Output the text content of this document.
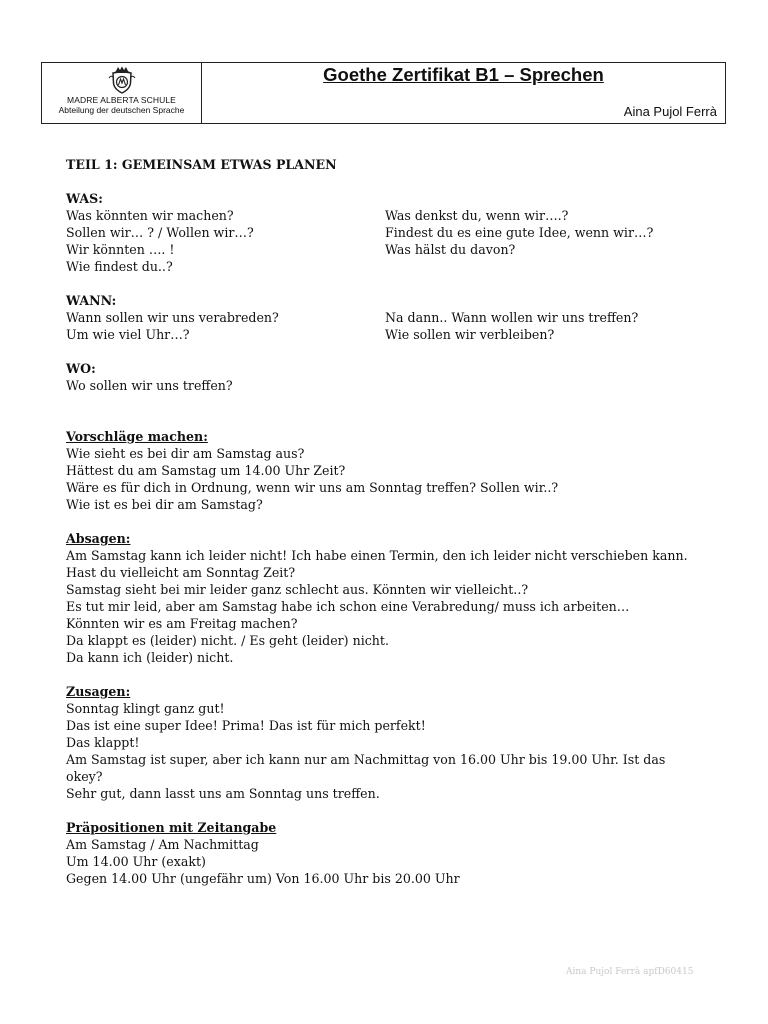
MADRE ALBERTA SCHULE
Abteilung der deutschen Sprache
Goethe Zertifikat B1 – Sprechen
Aina Pujol Ferrà
TEIL 1: GEMEINSAM ETWAS PLANEN
WAS:
Was könnten wir machen?	Was denkst du, wenn wir….?
Sollen wir… ? / Wollen wir…?	Findest du es eine gute Idee, wenn wir…?
Wir könnten …. !	Was hälst du davon?
Wie findest du..?
WANN:
Wann sollen wir uns verabreden?	Na dann.. Wann wollen wir uns treffen?
Um wie viel Uhr…?	Wie sollen wir verbleiben?
WO:
Wo sollen wir uns treffen?
Vorschläge machen:
Wie sieht es bei dir am Samstag aus?
Hättest du am Samstag um 14.00 Uhr Zeit?
Wäre es für dich in Ordnung, wenn wir uns am Sonntag treffen? Sollen wir..?
Wie ist es bei dir am Samstag?
Absagen:
Am Samstag kann ich leider nicht! Ich habe einen Termin, den ich leider nicht verschieben kann.
Hast du vielleicht am Sonntag Zeit?
Samstag sieht bei mir leider ganz schlecht aus. Könnten wir vielleicht..?
Es tut mir leid, aber am Samstag habe ich schon eine Verabredung/ muss ich arbeiten…
Könnten wir es am Freitag machen?
Da klappt es (leider) nicht. / Es geht (leider) nicht.
Da kann ich (leider) nicht.
Zusagen:
Sonntag klingt ganz gut!
Das ist eine super Idee! Prima! Das ist für mich perfekt!
Das klappt!
Am Samstag ist super, aber ich kann nur am Nachmittag von 16.00 Uhr bis 19.00 Uhr. Ist das
okey?
Sehr gut, dann lasst uns am Sonntag uns treffen.
Präpositionen mit Zeitangabe
Am Samstag / Am Nachmittag
Um 14.00 Uhr (exakt)
Gegen 14.00 Uhr (ungefähr um) Von 16.00 Uhr bis 20.00 Uhr
Aina Pujol Ferrà apfD60415
